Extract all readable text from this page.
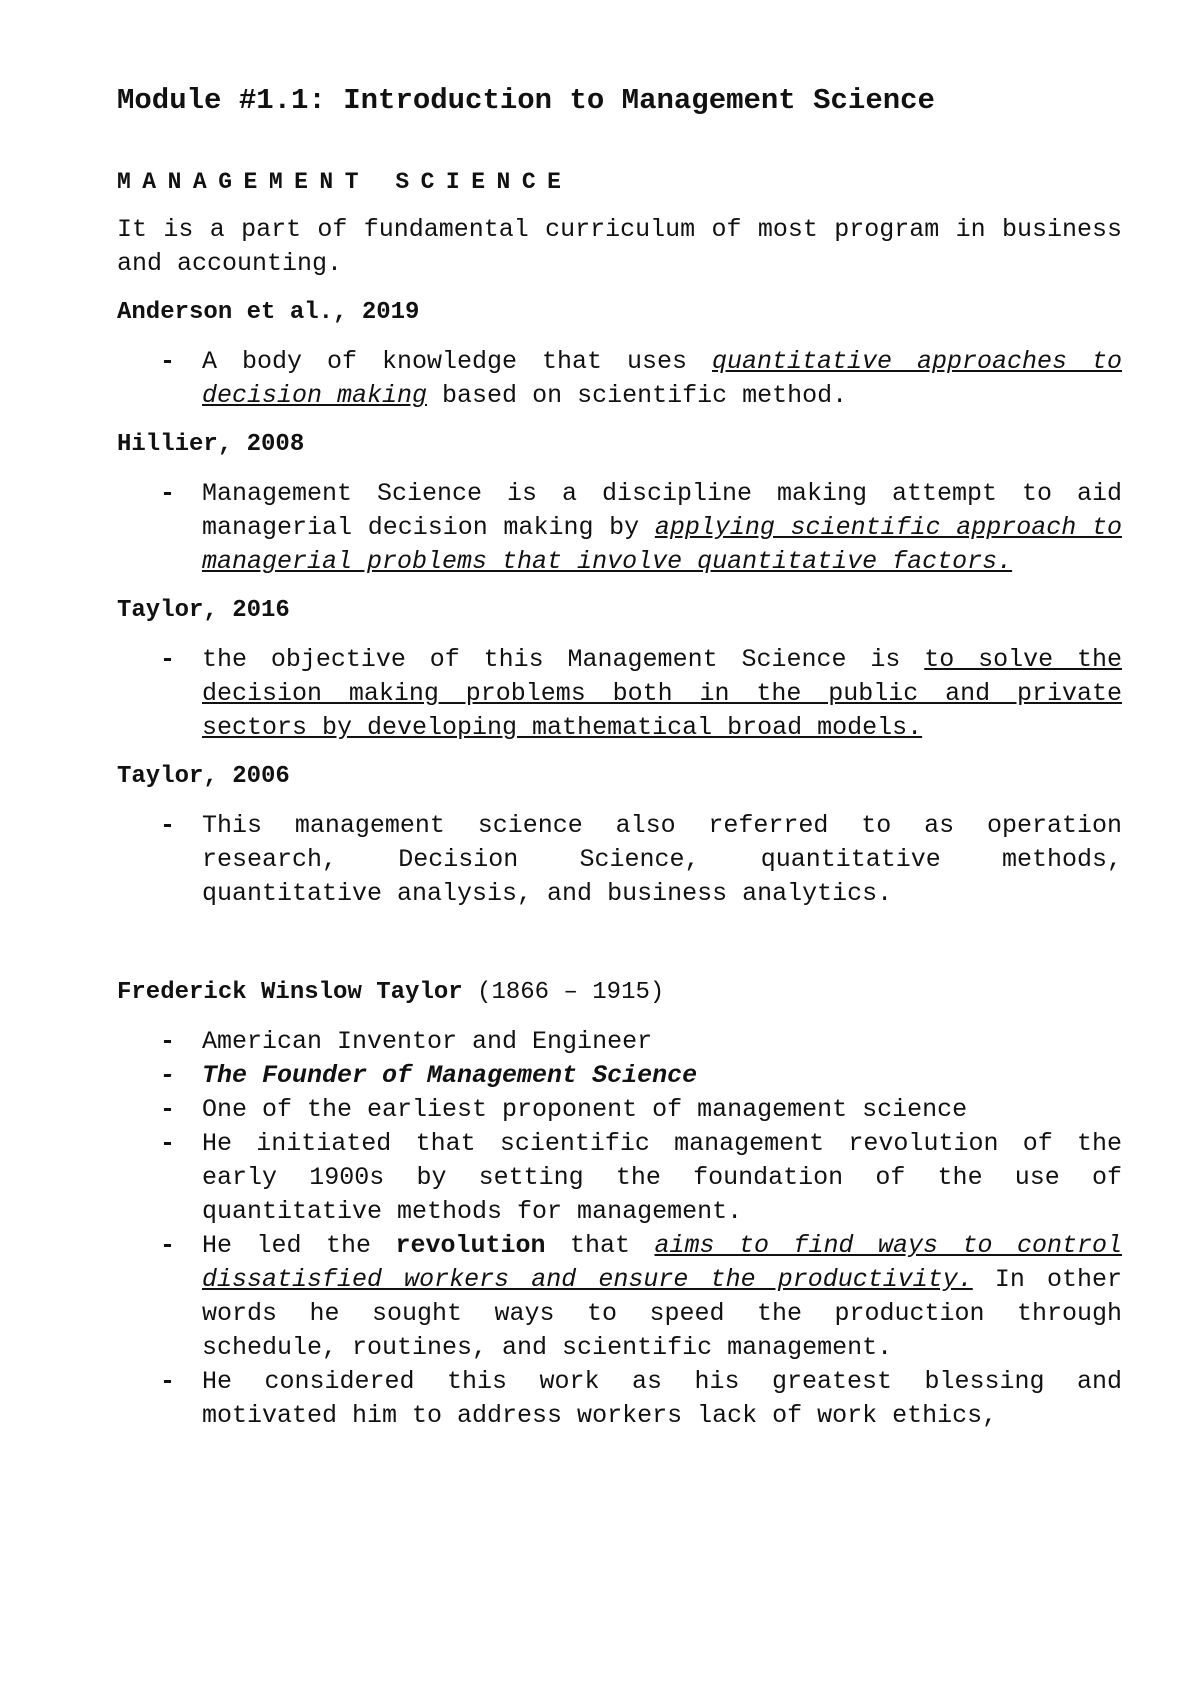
Module #1.1: Introduction to Management Science
MANAGEMENT SCIENCE

It is a part of fundamental curriculum of most program in business and accounting.

Anderson et al., 2019
- A body of knowledge that uses quantitative approaches to decision making based on scientific method.
Hillier, 2008
- Management Science is a discipline making attempt to aid managerial decision making by applying scientific approach to managerial problems that involve quantitative factors.
Taylor, 2016
- the objective of this Management Science is to solve the decision making problems both in the public and private sectors by developing mathematical broad models.
Taylor, 2006
- This management science also referred to as operation research, Decision Science, quantitative methods, quantitative analysis, and business analytics.
Frederick Winslow Taylor (1866 – 1915)
- American Inventor and Engineer
- The Founder of Management Science
- One of the earliest proponent of management science
- He initiated that scientific management revolution of the early 1900s by setting the foundation of the use of quantitative methods for management.
- He led the revolution that aims to find ways to control dissatisfied workers and ensure the productivity. In other words he sought ways to speed the production through schedule, routines, and scientific management.
- He considered this work as his greatest blessing and motivated him to address workers lack of work ethics,
